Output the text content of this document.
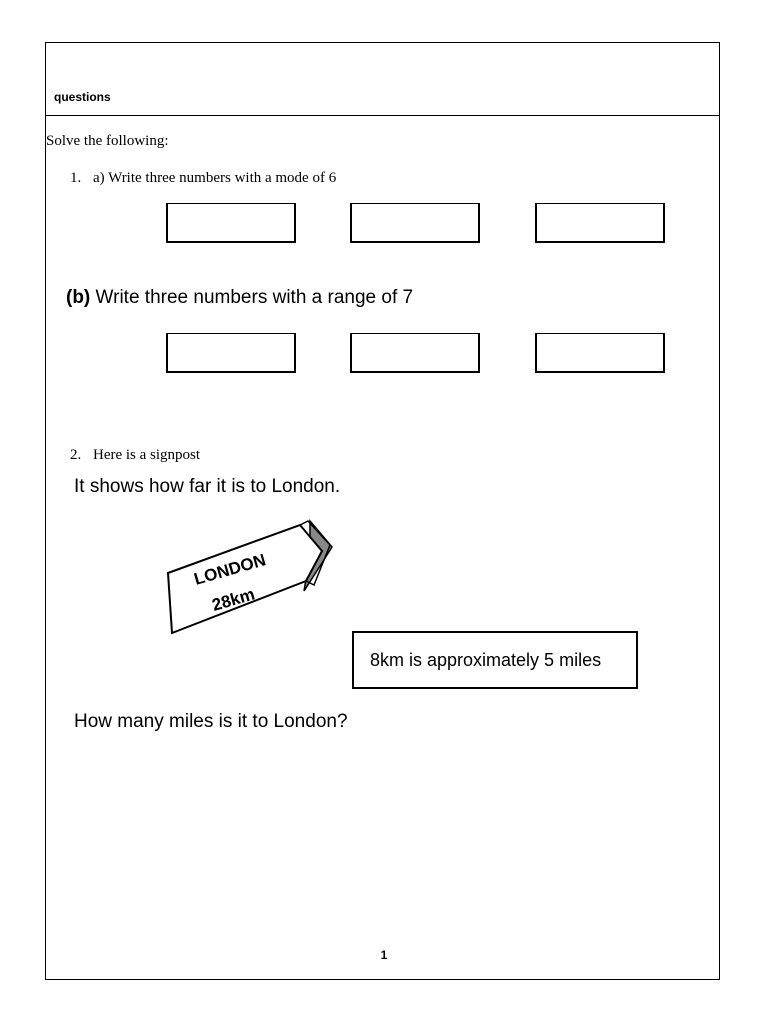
questions
Solve the following:
1. a) Write three numbers with a mode of 6
(b) Write three numbers with a range of 7
2. Here is a signpost
It shows how far it is to London.
LONDON
28km
8km is approximately 5 miles
How many miles is it to London?
1
